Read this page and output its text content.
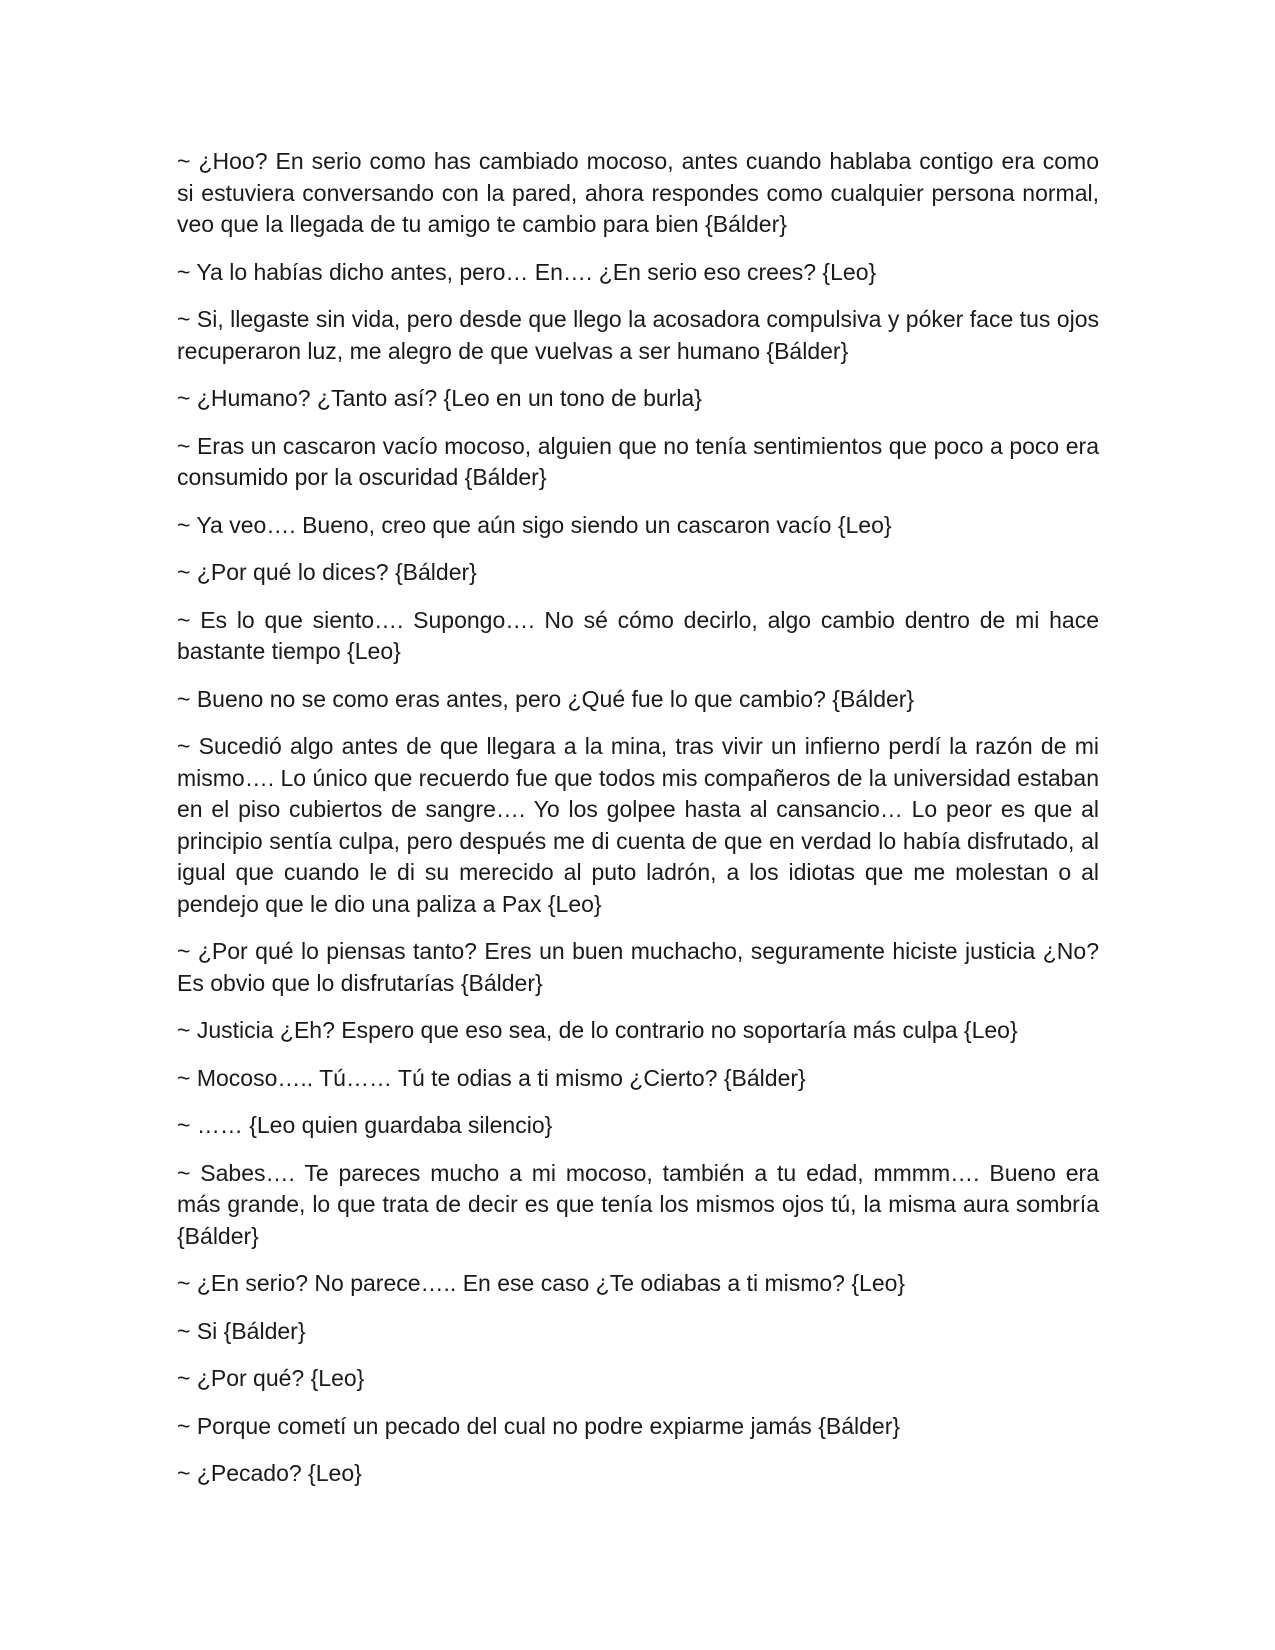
~ ¿Hoo? En serio como has cambiado mocoso, antes cuando hablaba contigo era como si estuviera conversando con la pared, ahora respondes como cualquier persona normal, veo que la llegada de tu amigo te cambio para bien {Bálder}

~ Ya lo habías dicho antes, pero… En…. ¿En serio eso crees? {Leo}

~ Si, llegaste sin vida, pero desde que llego la acosadora compulsiva y póker face tus ojos recuperaron luz, me alegro de que vuelvas a ser humano {Bálder}

~ ¿Humano? ¿Tanto así? {Leo en un tono de burla}

~ Eras un cascaron vacío mocoso, alguien que no tenía sentimientos que poco a poco era consumido por la oscuridad {Bálder}

~ Ya veo…. Bueno, creo que aún sigo siendo un cascaron vacío {Leo}

~ ¿Por qué lo dices? {Bálder}

~ Es lo que siento…. Supongo…. No sé cómo decirlo, algo cambio dentro de mi hace bastante tiempo {Leo}

~ Bueno no se como eras antes, pero ¿Qué fue lo que cambio? {Bálder}

~ Sucedió algo antes de que llegara a la mina, tras vivir un infierno perdí la razón de mi mismo…. Lo único que recuerdo fue que todos mis compañeros de la universidad estaban en el piso cubiertos de sangre…. Yo los golpee hasta al cansancio… Lo peor es que al principio sentía culpa, pero después me di cuenta de que en verdad lo había disfrutado, al igual que cuando le di su merecido al puto ladrón, a los idiotas que me molestan o al pendejo que le dio una paliza a Pax {Leo}

~ ¿Por qué lo piensas tanto? Eres un buen muchacho, seguramente hiciste justicia ¿No? Es obvio que lo disfrutarías {Bálder}

~ Justicia ¿Eh? Espero que eso sea, de lo contrario no soportaría más culpa {Leo}

~ Mocoso….. Tú…… Tú te odias a ti mismo ¿Cierto? {Bálder}

~ …… {Leo quien guardaba silencio}

~ Sabes…. Te pareces mucho a mi mocoso, también a tu edad, mmmm…. Bueno era más grande, lo que trata de decir es que tenía los mismos ojos tú, la misma aura sombría {Bálder}

~ ¿En serio? No parece….. En ese caso ¿Te odiabas a ti mismo? {Leo}

~ Si {Bálder}

~ ¿Por qué? {Leo}

~ Porque cometí un pecado del cual no podre expiarme jamás {Bálder}

~ ¿Pecado? {Leo}
